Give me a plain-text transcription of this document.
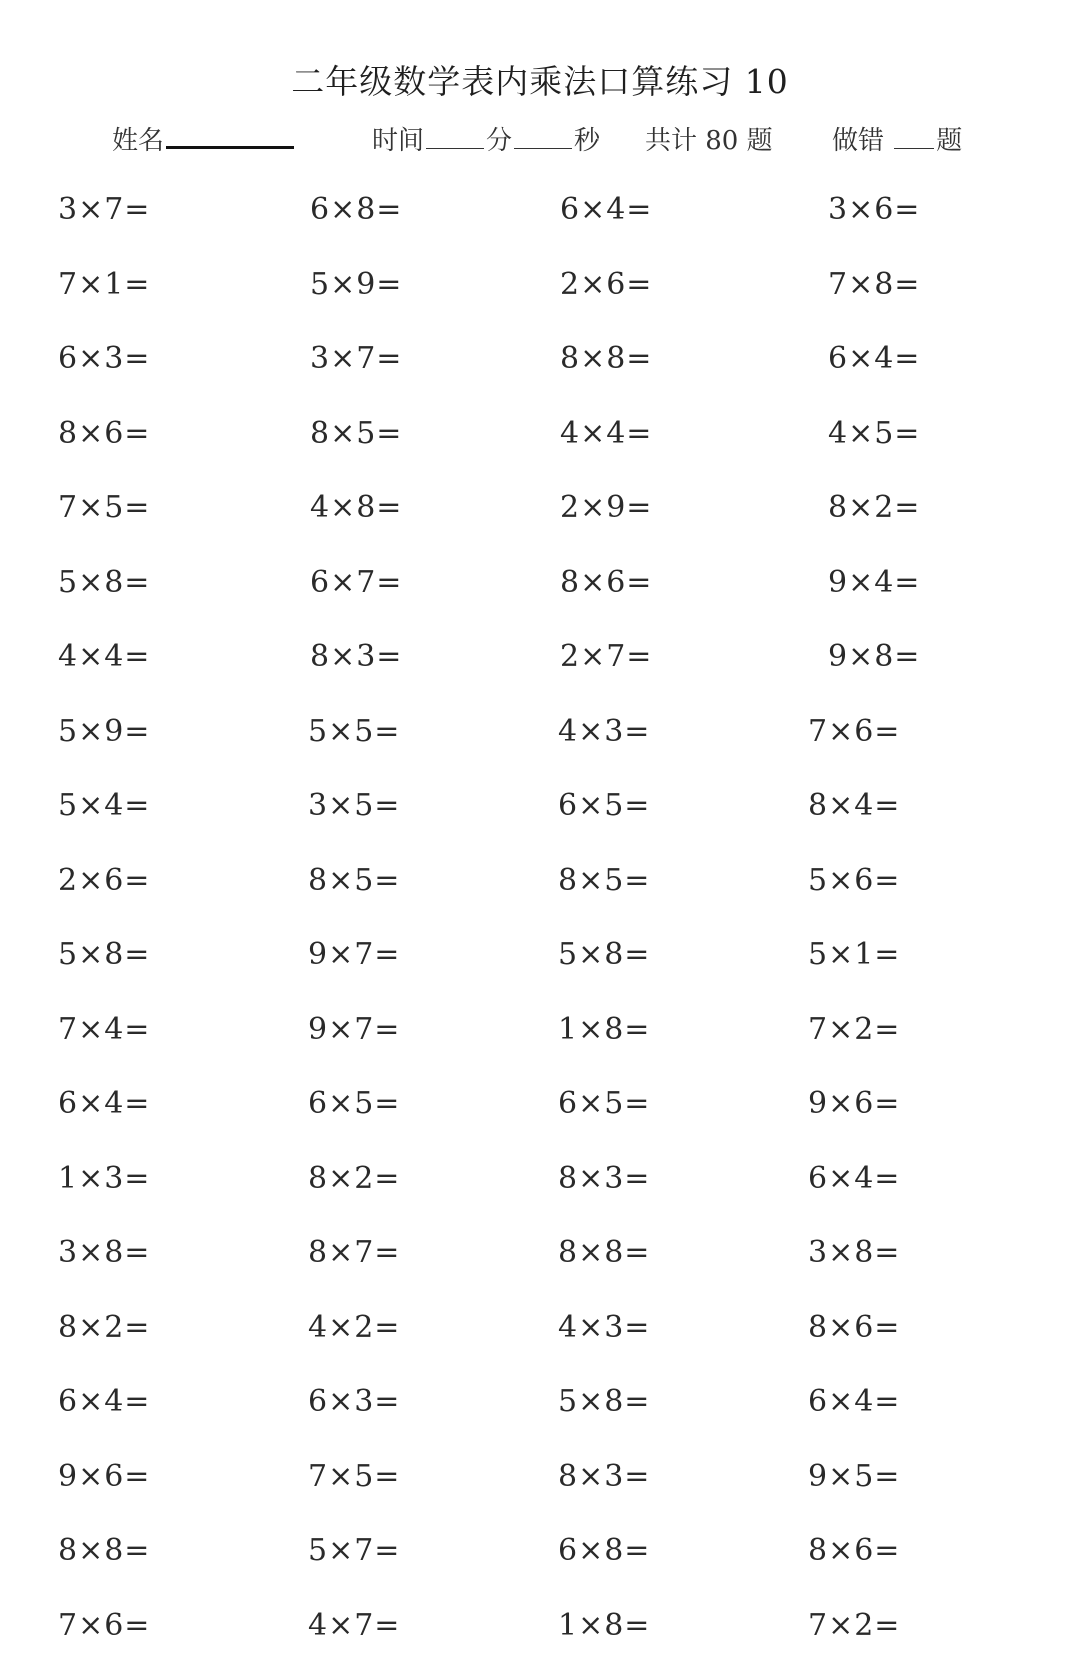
二年级数学表内乘法口算练习 10
姓名	时间 分 秒 共计 80 题 做错 题
3×7=	6×8=	6×4=	3×6=
7×1=	5×9=	2×6=	7×8=
6×3=	3×7=	8×8=	6×4=
8×6=	8×5=	4×4=	4×5=
7×5=	4×8=	2×9=	8×2=
5×8=	6×7=	8×6=	9×4=
4×4=	8×3=	2×7=	9×8=
5×9=	5×5=	4×3=	7×6=
5×4=	3×5=	6×5=	8×4=
2×6=	8×5=	8×5=	5×6=
5×8=	9×7=	5×8=	5×1=
7×4=	9×7=	1×8=	7×2=
6×4=	6×5=	6×5=	9×6=
1×3=	8×2=	8×3=	6×4=
3×8=	8×7=	8×8=	3×8=
8×2=	4×2=	4×3=	8×6=
6×4=	6×3=	5×8=	6×4=
9×6=	7×5=	8×3=	9×5=
8×8=	5×7=	6×8=	8×6=
7×6=	4×7=	1×8=	7×2=
